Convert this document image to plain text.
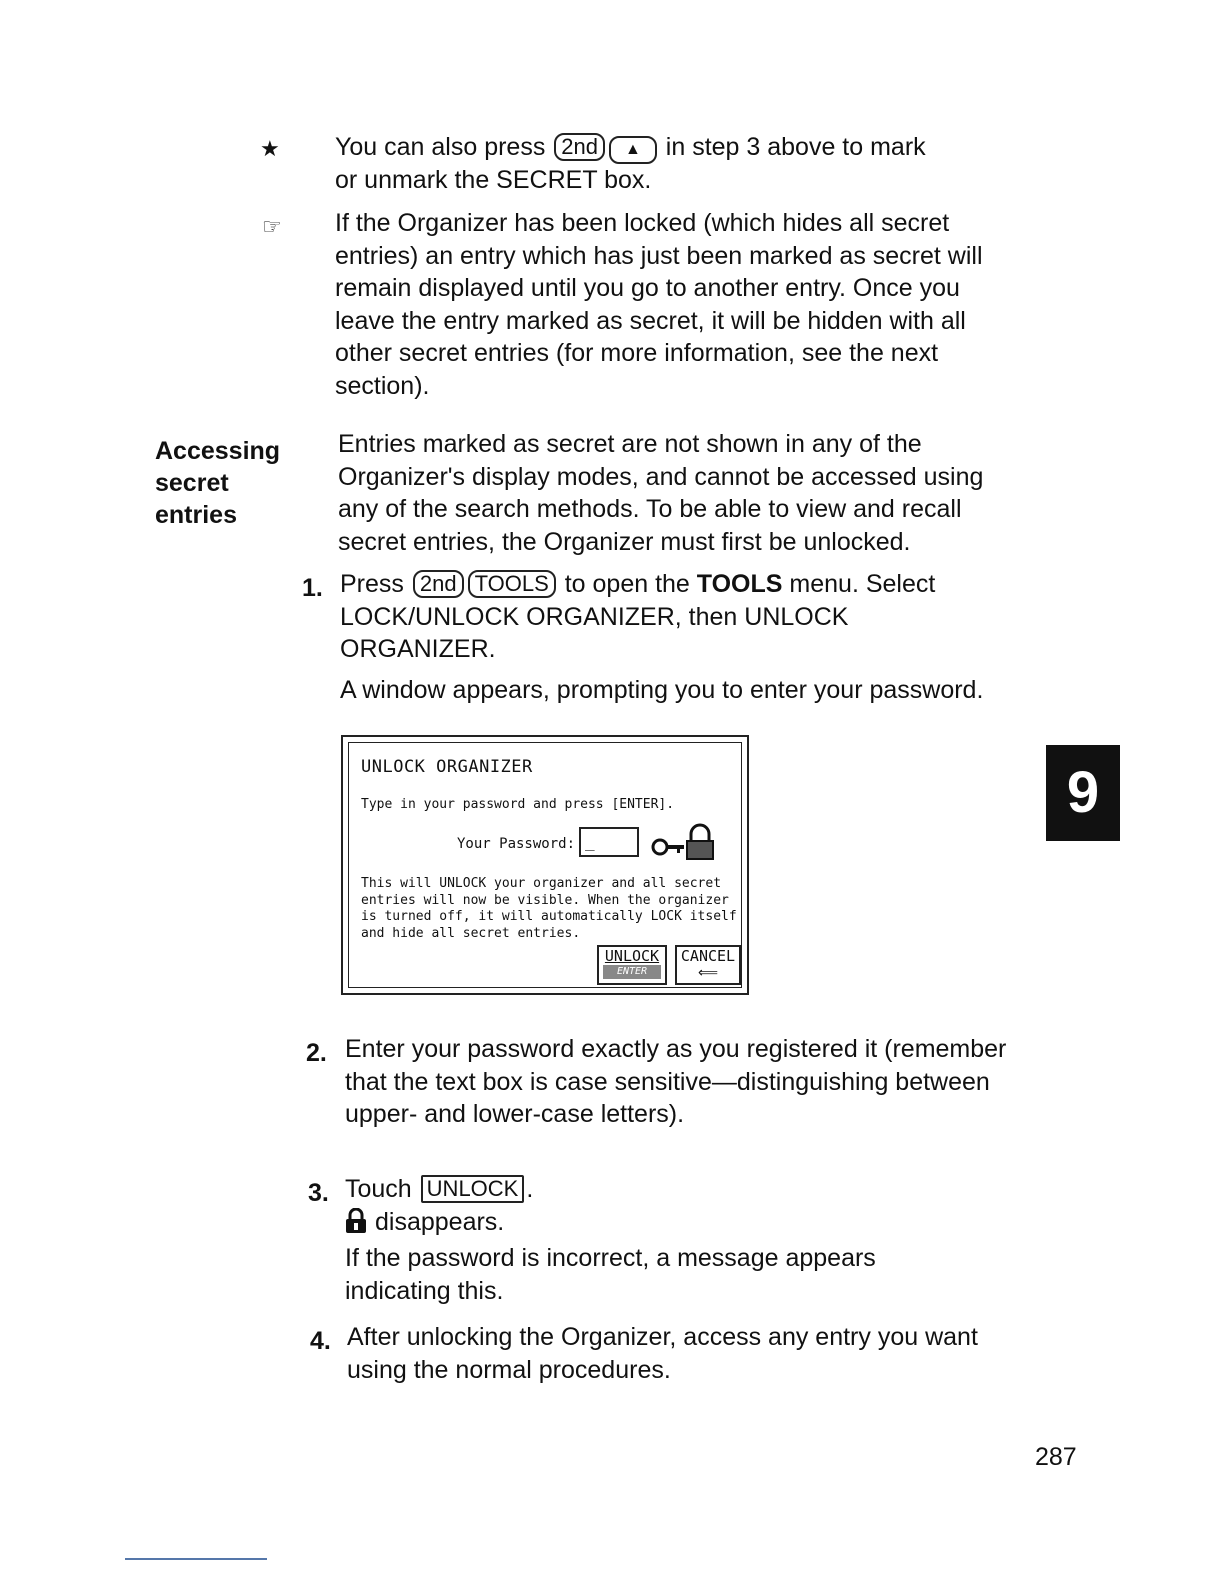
★ You can also press 2nd ▲ in step 3 above to mark

or unmark the SECRET box.

☞ If the Organizer has been locked (which hides all secret entries) an entry which has just been marked as secret will remain displayed until you go to another entry. Once you leave the entry marked as secret, it will be hidden with all other secret entries (for more information, see the next section).

Accessing
secret
entries

Entries marked as secret are not shown in any of the Organizer's display modes, and cannot be accessed using any of the search methods. To be able to view and recall secret entries, the Organizer must first be unlocked.

1. Press 2nd TOOLS to open the TOOLS menu. Select

LOCK/UNLOCK ORGANIZER, then UNLOCK

ORGANIZER.

A window appears, prompting you to enter your password.

UNLOCK ORGANIZER
Type in your password and press [ENTER].
Your Password: _
This will UNLOCK your organizer and all secret
entries will now be visible. When the organizer
is turned off, it will automatically LOCK itself
and hide all secret entries.
UNLOCK
ENTER
CANCEL
⟸
9
2. Enter your password exactly as you registered it (remember that the text box is case sensitive—distinguishing between upper- and lower-case letters).

3. Touch UNLOCK .

disappears.

If the password is incorrect, a message appears

indicating this.

4. After unlocking the Organizer, access any entry you want using the normal procedures.

287
